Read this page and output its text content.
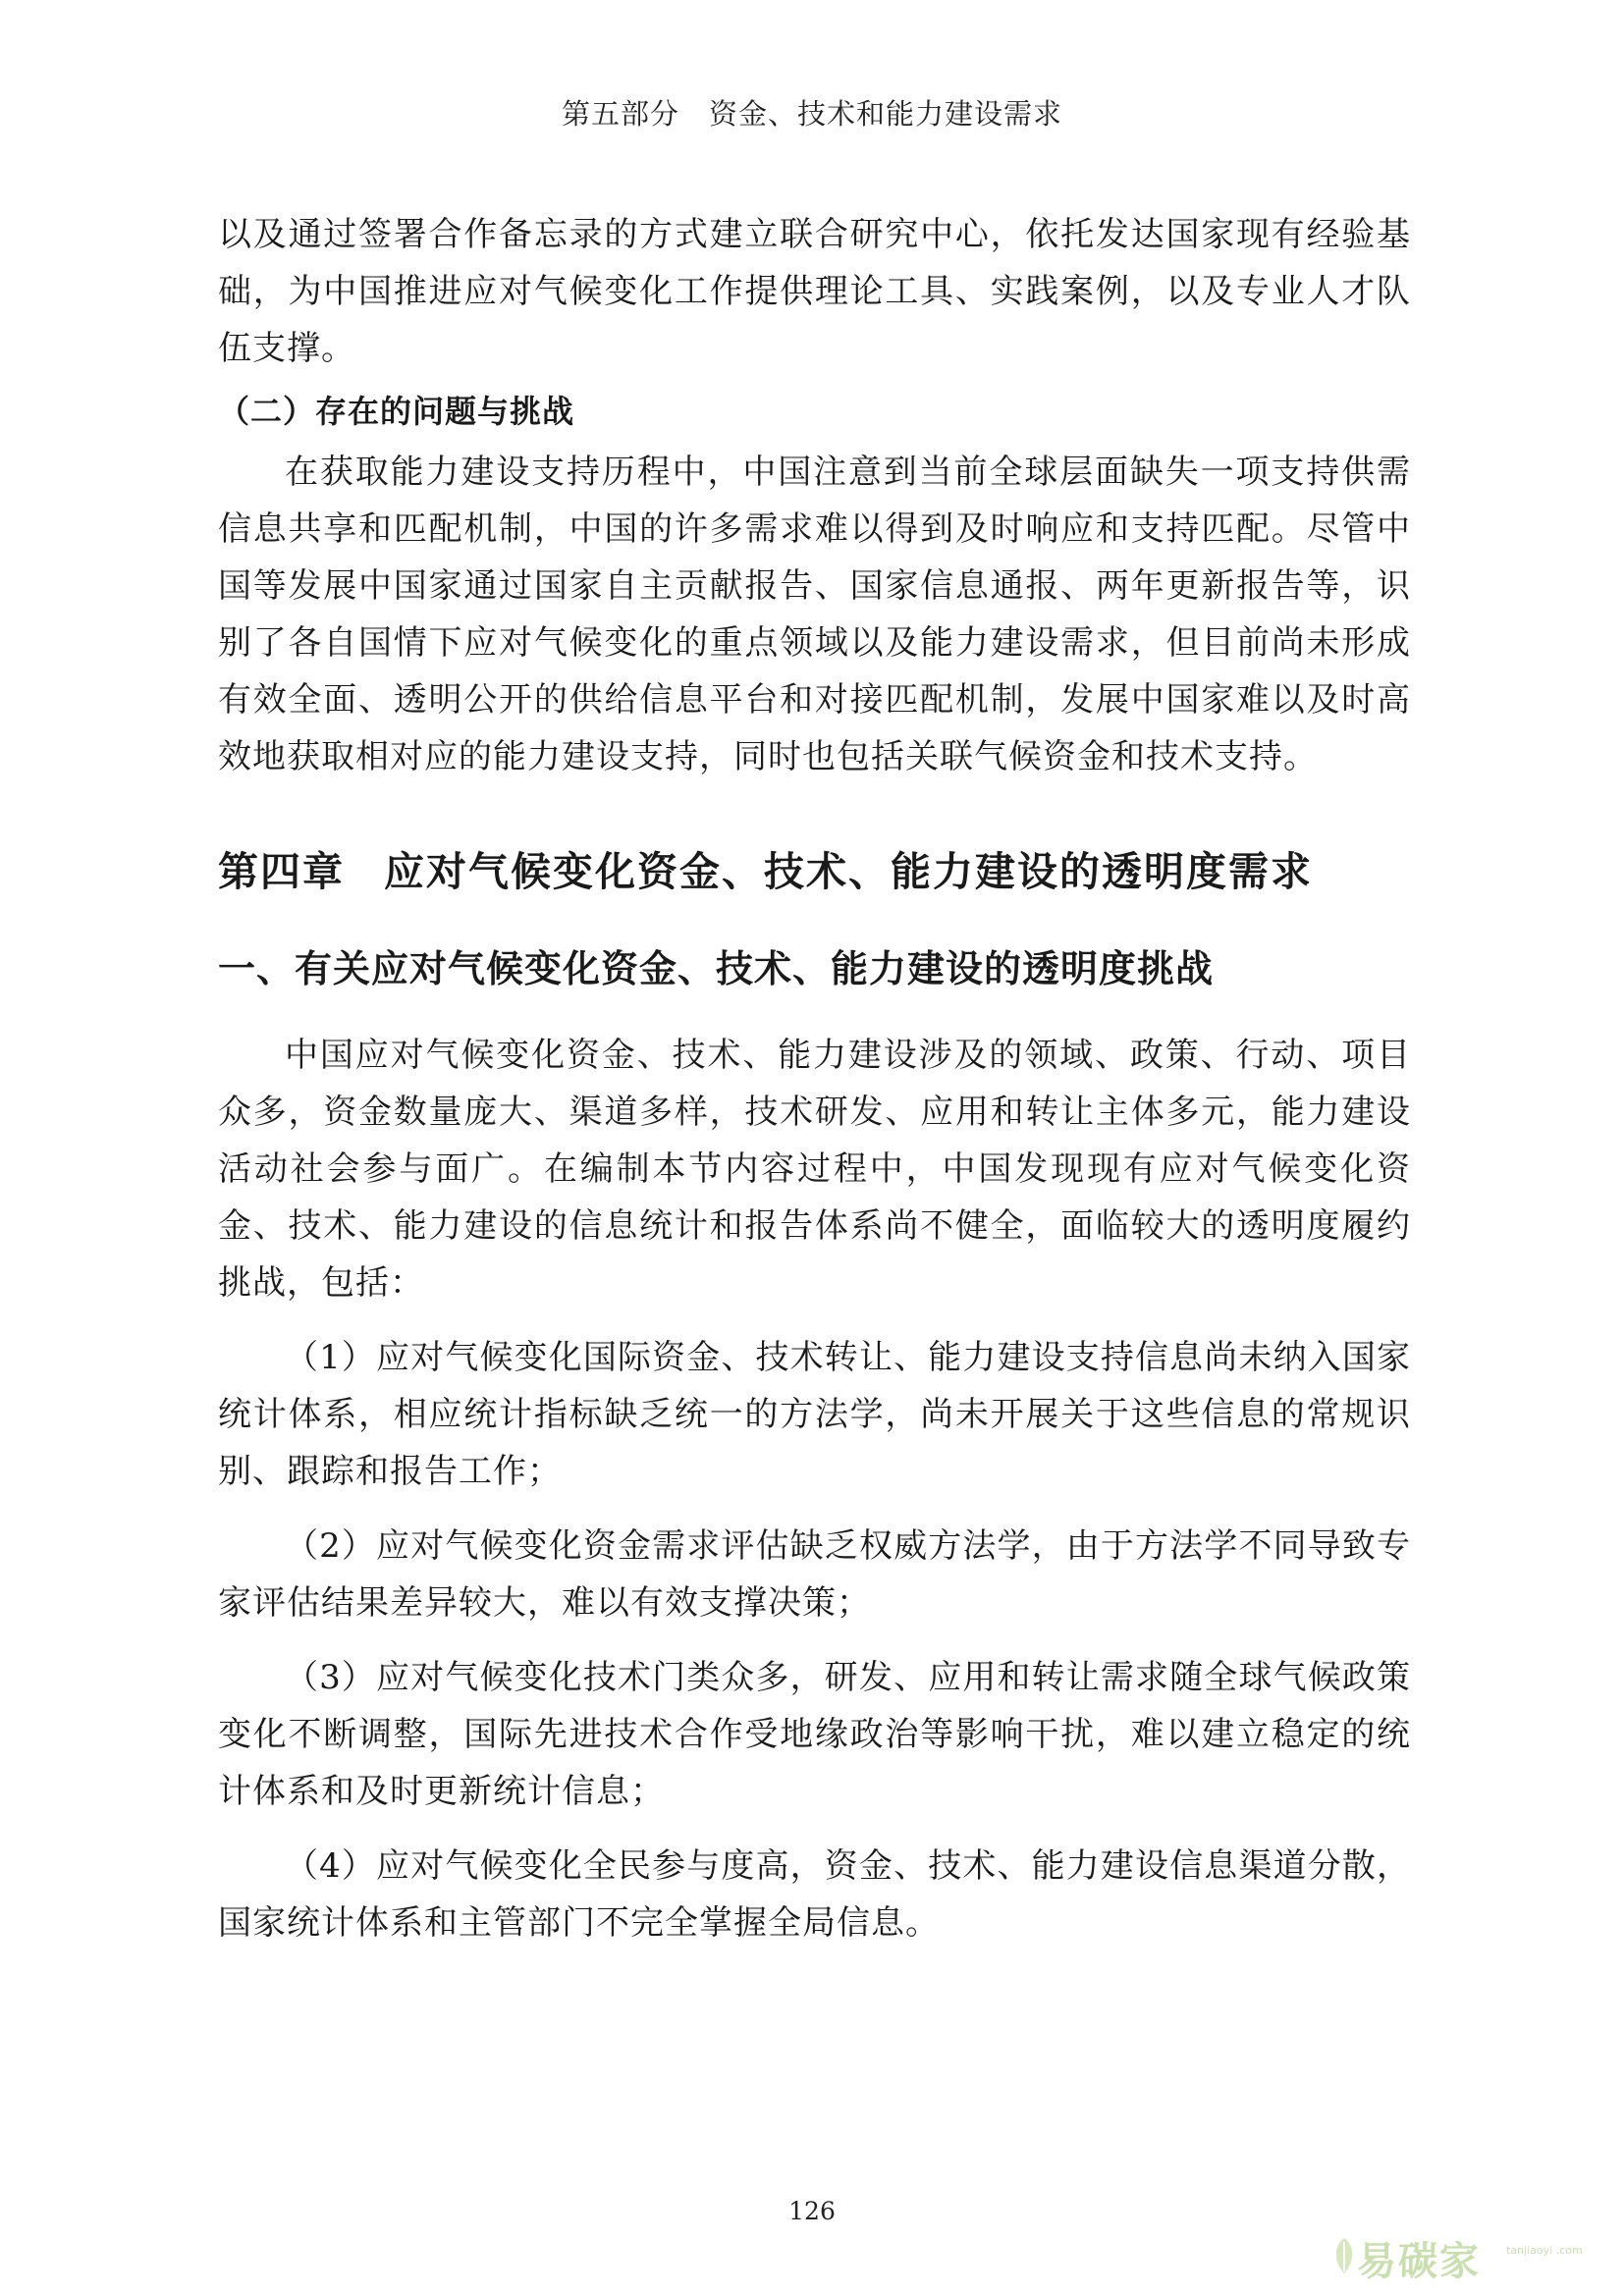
第五部分　资金、技术和能力建设需求

以及通过签署合作备忘录的方式建立联合研究中心，依托发达国家现有经验基础，为中国推进应对气候变化工作提供理论工具、实践案例，以及专业人才队伍支撑。

（二）存在的问题与挑战

在获取能力建设支持历程中，中国注意到当前全球层面缺失一项支持供需信息共享和匹配机制，中国的许多需求难以得到及时响应和支持匹配。尽管中国等发展中国家通过国家自主贡献报告、国家信息通报、两年更新报告等，识别了各自国情下应对气候变化的重点领域以及能力建设需求，但目前尚未形成有效全面、透明公开的供给信息平台和对接匹配机制，发展中国家难以及时高效地获取相对应的能力建设支持，同时也包括关联气候资金和技术支持。

第四章 应对气候变化资金、技术、能力建设的透明度需求
一、有关应对气候变化资金、技术、能力建设的透明度挑战

中国应对气候变化资金、技术、能力建设涉及的领域、政策、行动、项目众多，资金数量庞大、渠道多样，技术研发、应用和转让主体多元，能力建设活动社会参与面广。在编制本节内容过程中，中国发现现有应对气候变化资金、技术、能力建设的信息统计和报告体系尚不健全，面临较大的透明度履约挑战，包括：

（1）应对气候变化国际资金、技术转让、能力建设支持信息尚未纳入国家统计体系，相应统计指标缺乏统一的方法学，尚未开展关于这些信息的常规识别、跟踪和报告工作；

（2）应对气候变化资金需求评估缺乏权威方法学，由于方法学不同导致专家评估结果差异较大，难以有效支撑决策；

（3）应对气候变化技术门类众多，研发、应用和转让需求随全球气候政策变化不断调整，国际先进技术合作受地缘政治等影响干扰，难以建立稳定的统计体系和及时更新统计信息；

（4）应对气候变化全民参与度高，资金、技术、能力建设信息渠道分散，国家统计体系和主管部门不完全掌握全局信息。

126
易碳家 tanjiaoyi .com
